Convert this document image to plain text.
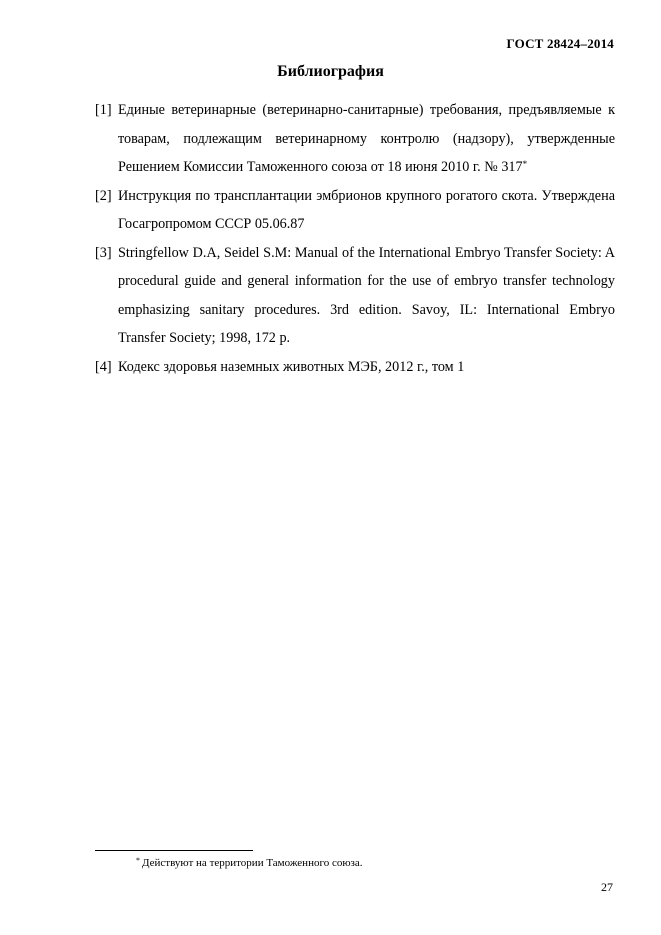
ГОСТ 28424–2014
Библиография
[1] Единые ветеринарные (ветеринарно-санитарные) требования, предъявляемые к товарам, подлежащим ветеринарному контролю (надзору), утвержденные Решением Комиссии Таможенного союза от 18 июня 2010 г. № 317*
[2] Инструкция по трансплантации эмбрионов крупного рогатого скота. Утверждена Госагропромом СССР 05.06.87
[3] Stringfellow D.A, Seidel S.M: Manual of the International Embryo Transfer Society: A procedural guide and general information for the use of embryo transfer technology emphasizing sanitary procedures. 3rd edition. Savoy, IL: International Embryo Transfer Society; 1998, 172 p.
[4] Кодекс здоровья наземных животных МЭБ, 2012 г., том 1
* Действуют на территории Таможенного союза.
27
